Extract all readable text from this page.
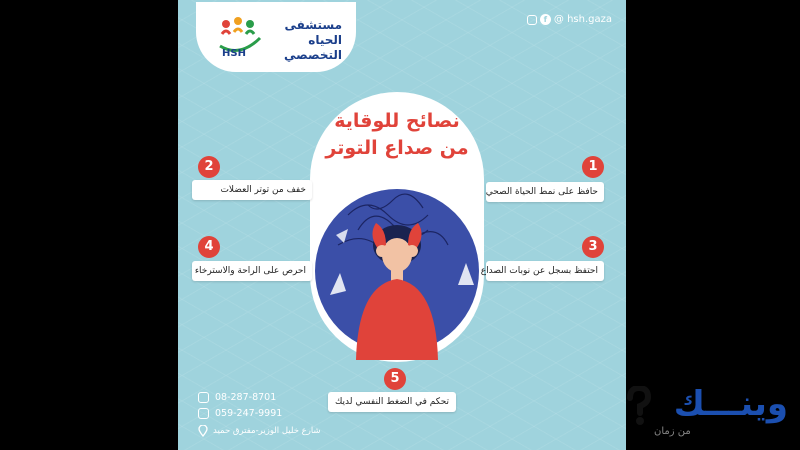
HSH
مستشفى الحياه
التخصصي
f @ hsh.gaza
نصائح للوقاية
من صداع التوتر
حافظ على نمط الحياة الصحي
1
خفف من توتر العضلات
2
احتفظ بسجل عن نوبات الصداع
3
احرص على الراحة والاسترخاء
4
تحكم في الضغط النفسي لديك
5
08-287-8701
059-247-9991
شارع خليل الوزير-مفترق حميد
وينـــك
من زمان
